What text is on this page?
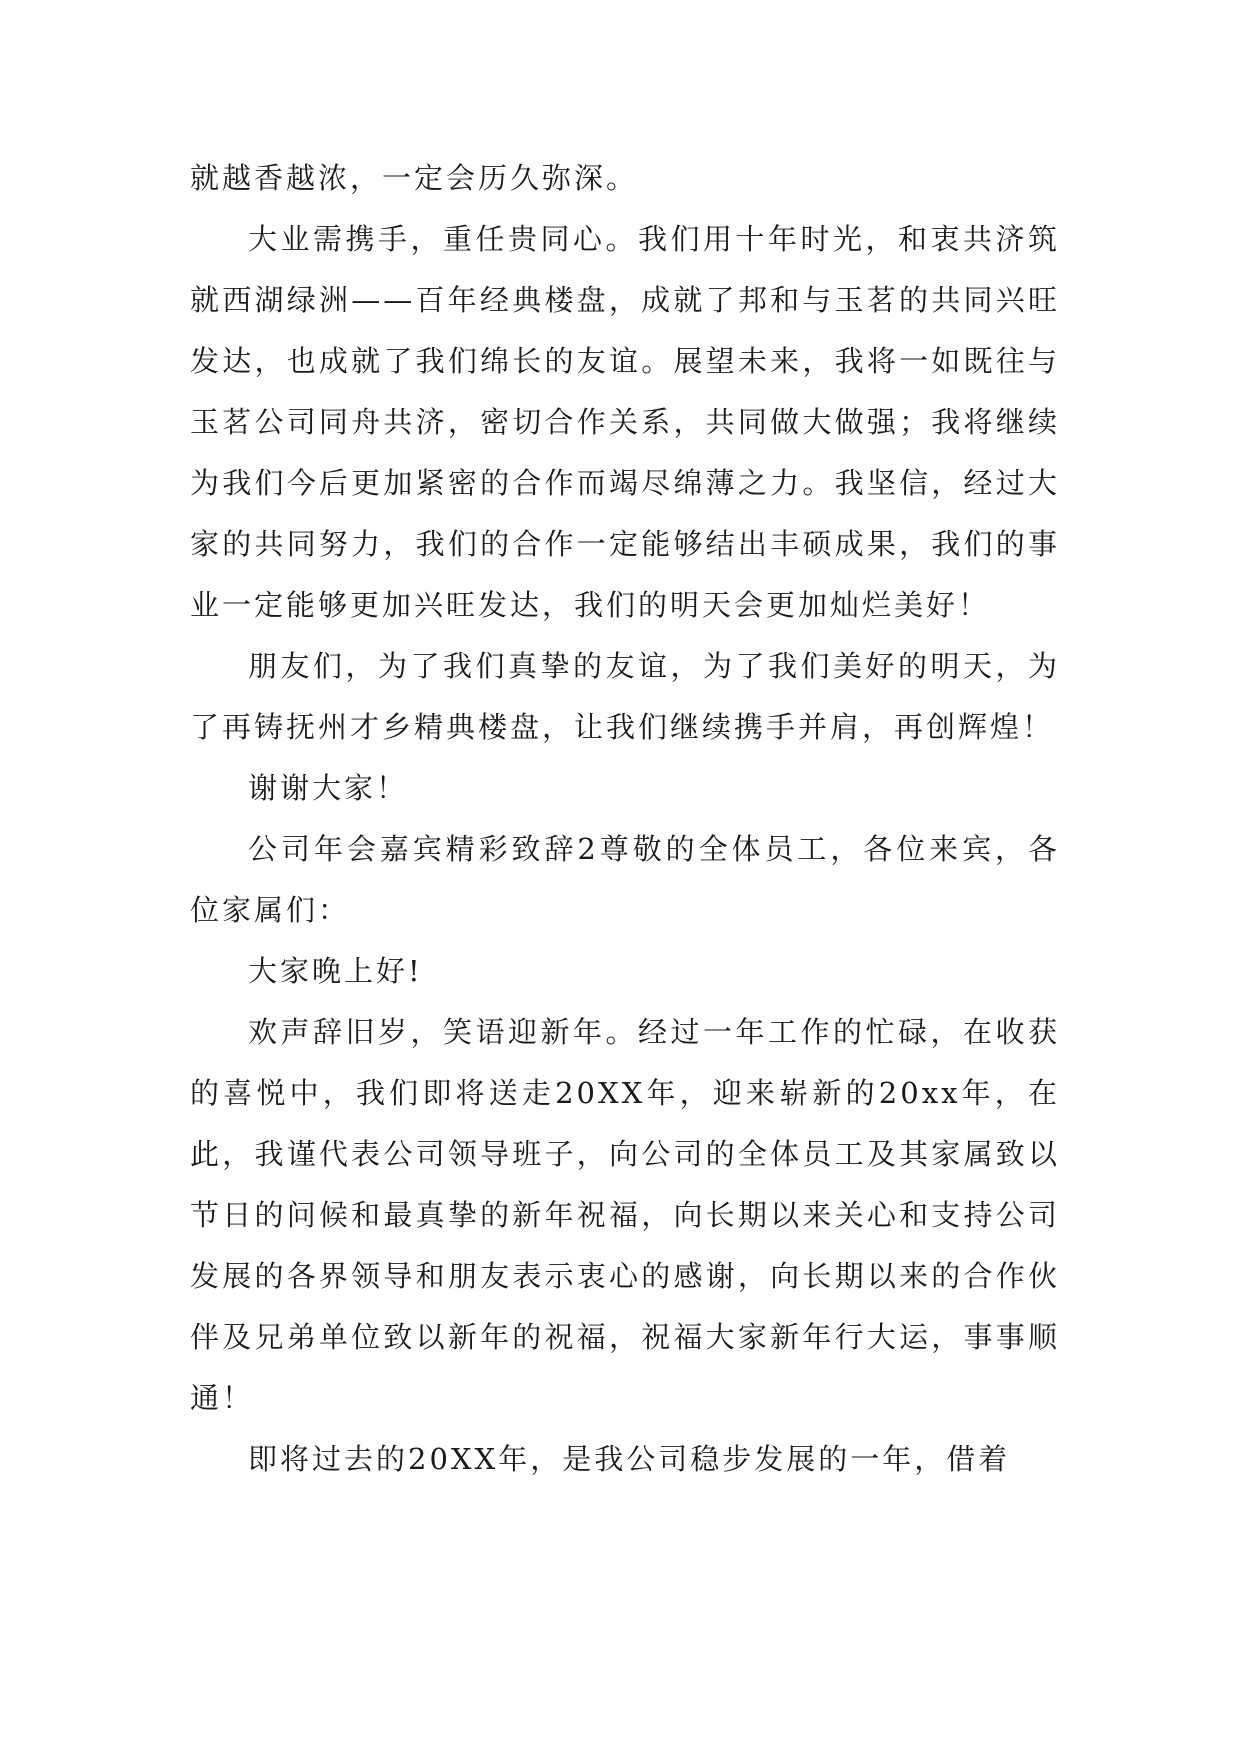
就越香越浓，一定会历久弥深。

大业需携手，重任贵同心。我们用十年时光，和衷共济筑就西湖绿洲——百年经典楼盘，成就了邦和与玉茗的共同兴旺发达，也成就了我们绵长的友谊。展望未来，我将一如既往与玉茗公司同舟共济，密切合作关系，共同做大做强；我将继续为我们今后更加紧密的合作而竭尽绵薄之力。我坚信，经过大家的共同努力，我们的合作一定能够结出丰硕成果，我们的事业一定能够更加兴旺发达，我们的明天会更加灿烂美好！

朋友们，为了我们真挚的友谊，为了我们美好的明天，为了再铸抚州才乡精典楼盘，让我们继续携手并肩，再创辉煌！

谢谢大家！

公司年会嘉宾精彩致辞2尊敬的全体员工，各位来宾，各位家属们：

大家晚上好!

欢声辞旧岁，笑语迎新年。经过一年工作的忙碌，在收获的喜悦中，我们即将送走20XX年，迎来崭新的20xx年，在此，我谨代表公司领导班子，向公司的全体员工及其家属致以节日的问候和最真挚的新年祝福，向长期以来关心和支持公司发展的各界领导和朋友表示衷心的感谢，向长期以来的合作伙伴及兄弟单位致以新年的祝福，祝福大家新年行大运，事事顺通！

即将过去的20XX年，是我公司稳步发展的一年，借着
